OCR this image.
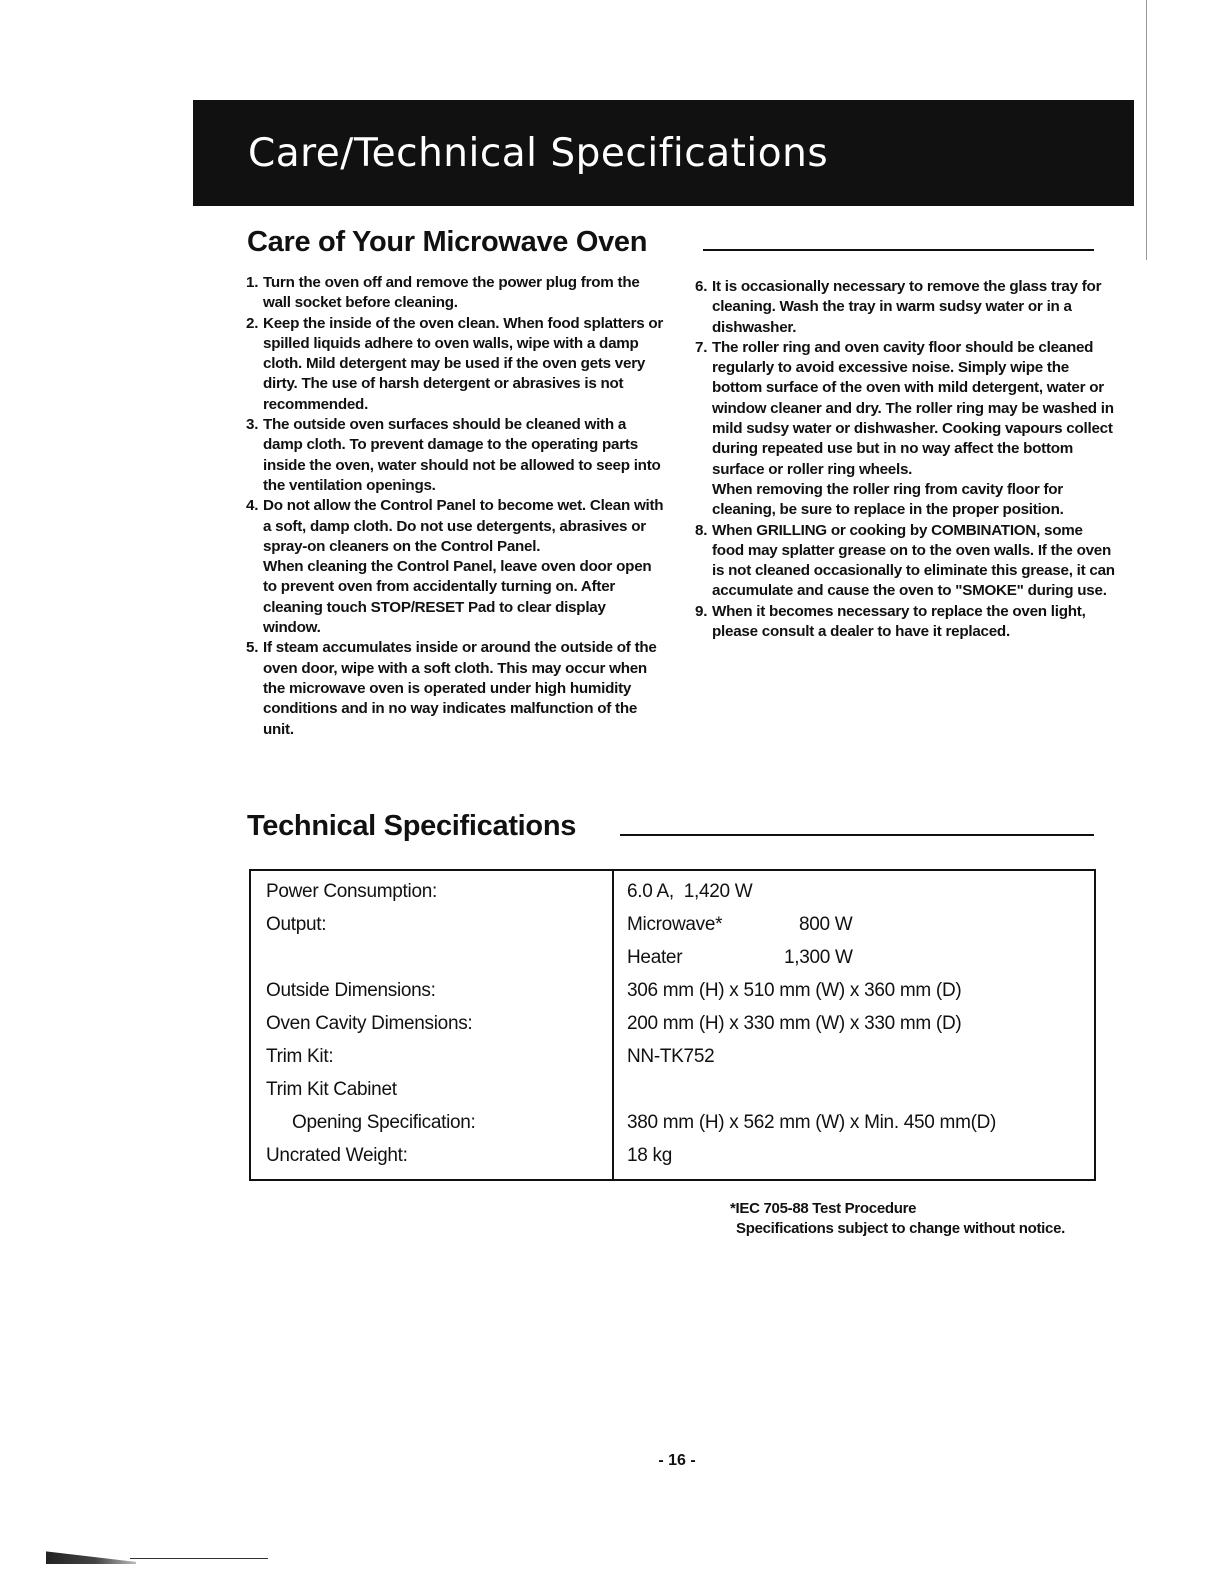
Care/Technical Specifications
Care of Your Microwave Oven
1. Turn the oven off and remove the power plug from the wall socket before cleaning.

2. Keep the inside of the oven clean. When food splatters or spilled liquids adhere to oven walls, wipe with a damp cloth. Mild detergent may be used if the oven gets very dirty. The use of harsh detergent or abrasives is not recommended.

3. The outside oven surfaces should be cleaned with a damp cloth. To prevent damage to the operating parts inside the oven, water should not be allowed to seep into the ventilation openings.

4. Do not allow the Control Panel to become wet. Clean with a soft, damp cloth. Do not use detergents, abrasives or spray-on cleaners on the Control Panel.

When cleaning the Control Panel, leave oven door open to prevent oven from accidentally turning on. After cleaning touch STOP/RESET Pad to clear display window.

5. If steam accumulates inside or around the outside of the oven door, wipe with a soft cloth. This may occur when the microwave oven is operated under high humidity conditions and in no way indicates malfunction of the unit.

6. It is occasionally necessary to remove the glass tray for cleaning. Wash the tray in warm sudsy water or in a dishwasher.

7. The roller ring and oven cavity floor should be cleaned regularly to avoid excessive noise. Simply wipe the bottom surface of the oven with mild detergent, water or window cleaner and dry. The roller ring may be washed in mild sudsy water or dishwasher. Cooking vapours collect during repeated use but in no way affect the bottom surface or roller ring wheels.

When removing the roller ring from cavity floor for cleaning, be sure to replace in the proper position.

8. When GRILLING or cooking by COMBINATION, some food may splatter grease on to the oven walls. If the oven is not cleaned occasionally to eliminate this grease, it can accumulate and cause the oven to "SMOKE" during use.

9. When it becomes necessary to replace the oven light, please consult a dealer to have it replaced.

Technical Specifications
Power Consumption:
Output:
Outside Dimensions:
Oven Cavity Dimensions:
Trim Kit:
Trim Kit Cabinet
Opening Specification:
Uncrated Weight:
6.0 A,  1,420 W
Microwave*	800 W
Heater	1,300 W
306 mm (H) x 510 mm (W) x 360 mm (D)
200 mm (H) x 330 mm (W) x 330 mm (D)
NN-TK752
380 mm (H) x 562 mm (W) x Min. 450 mm(D)
18 kg
*IEC 705-88 Test Procedure
Specifications subject to change without notice.
- 16 -
